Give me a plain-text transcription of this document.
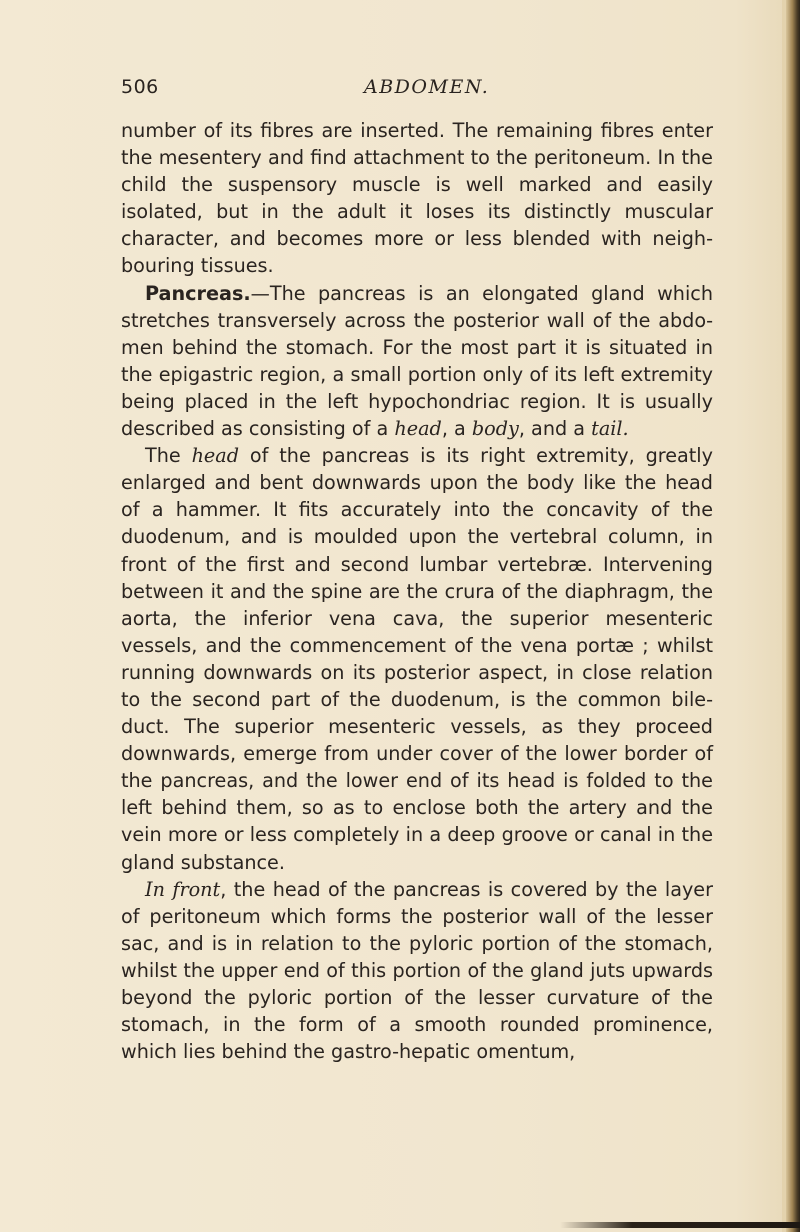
506	ABDOMEN.

number of its fibres are inserted. The remaining fibres enter the mesentery and find attachment to the peritoneum. In the child the suspensory muscle is well marked and easily isolated, but in the adult it loses its distinctly muscular character, and becomes more or less blended with neighbouring tissues.

Pancreas.—The pancreas is an elongated gland which stretches transversely across the posterior wall of the abdomen behind the stomach. For the most part it is situated in the epigastric region, a small portion only of its left extremity being placed in the left hypochondriac region. It is usually described as consisting of a head, a body, and a tail.

The head of the pancreas is its right extremity, greatly enlarged and bent downwards upon the body like the head of a hammer. It fits accurately into the concavity of the duodenum, and is moulded upon the vertebral column, in front of the first and second lumbar vertebræ. Intervening between it and the spine are the crura of the diaphragm, the aorta, the inferior vena cava, the superior mesenteric vessels, and the commencement of the vena portæ ; whilst running downwards on its posterior aspect, in close relation to the second part of the duodenum, is the common bile-duct. The superior mesenteric vessels, as they proceed downwards, emerge from under cover of the lower border of the pancreas, and the lower end of its head is folded to the left behind them, so as to enclose both the artery and the vein more or less completely in a deep groove or canal in the gland substance.

In front, the head of the pancreas is covered by the layer of peritoneum which forms the posterior wall of the lesser sac, and is in relation to the pyloric portion of the stomach, whilst the upper end of this portion of the gland juts upwards beyond the pyloric portion of the lesser curvature of the stomach, in the form of a smooth rounded prominence, which lies behind the gastro-hepatic omentum,
